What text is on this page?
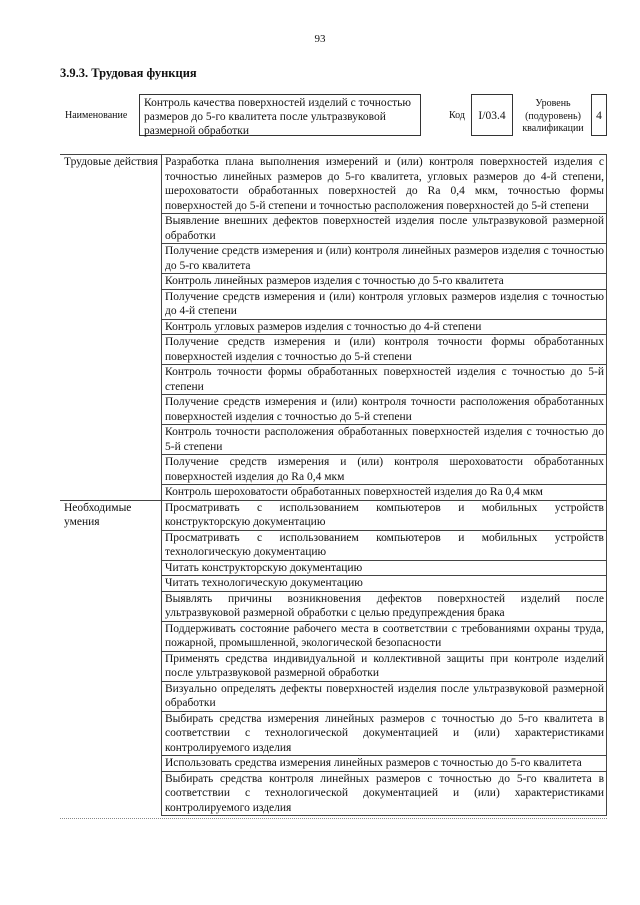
93
3.9.3. Трудовая функция
Наименование
Контроль качества поверхностей изделий с точностью размеров до 5-го квалитета после ультразвуковой размерной обработки
Код	I/03.4
Уровень (подуровень) квалификации
4
Трудовые действия	Разработка плана выполнения измерений и (или) контроля поверхностей изделия с точностью линейных размеров до 5-го квалитета, угловых размеров до 4-й степени, шероховатости обработанных поверхностей до Ra 0,4 мкм, точностью формы поверхностей до 5-й степени и точностью расположения поверхностей до 5-й степени
	Выявление внешних дефектов поверхностей изделия после ультразвуковой размерной обработки
	Получение средств измерения и (или) контроля линейных размеров изделия с точностью до 5-го квалитета
	Контроль линейных размеров изделия с точностью до 5-го квалитета
	Получение средств измерения и (или) контроля угловых размеров изделия с точностью до 4-й степени
	Контроль угловых размеров изделия с точностью до 4-й степени
	Получение средств измерения и (или) контроля точности формы обработанных поверхностей изделия с точностью до 5-й степени
	Контроль точности формы обработанных поверхностей изделия с точностью до 5-й степени
	Получение средств измерения и (или) контроля точности расположения обработанных поверхностей изделия с точностью до 5-й степени
	Контроль точности расположения обработанных поверхностей изделия с точностью до 5-й степени
	Получение средств измерения и (или) контроля шероховатости обработанных поверхностей изделия до Ra 0,4 мкм
	Контроль шероховатости обработанных поверхностей изделия до Ra 0,4 мкм
Необходимые умения	Просматривать с использованием компьютеров и мобильных устройств конструкторскую документацию
	Просматривать с использованием компьютеров и мобильных устройств технологическую документацию
	Читать конструкторскую документацию
	Читать технологическую документацию
	Выявлять причины возникновения дефектов поверхностей изделий после ультразвуковой размерной обработки с целью предупреждения брака
	Поддерживать состояние рабочего места в соответствии с требованиями охраны труда, пожарной, промышленной, экологической безопасности
	Применять средства индивидуальной и коллективной защиты при контроле изделий после ультразвуковой размерной обработки
	Визуально определять дефекты поверхностей изделия после ультразвуковой размерной обработки
	Выбирать средства измерения линейных размеров с точностью до 5-го квалитета в соответствии с технологической документацией и (или) характеристиками контролируемого изделия
	Использовать средства измерения линейных размеров с точностью до 5-го квалитета
	Выбирать средства контроля линейных размеров с точностью до 5-го квалитета в соответствии с технологической документацией и (или) характеристиками контролируемого изделия
